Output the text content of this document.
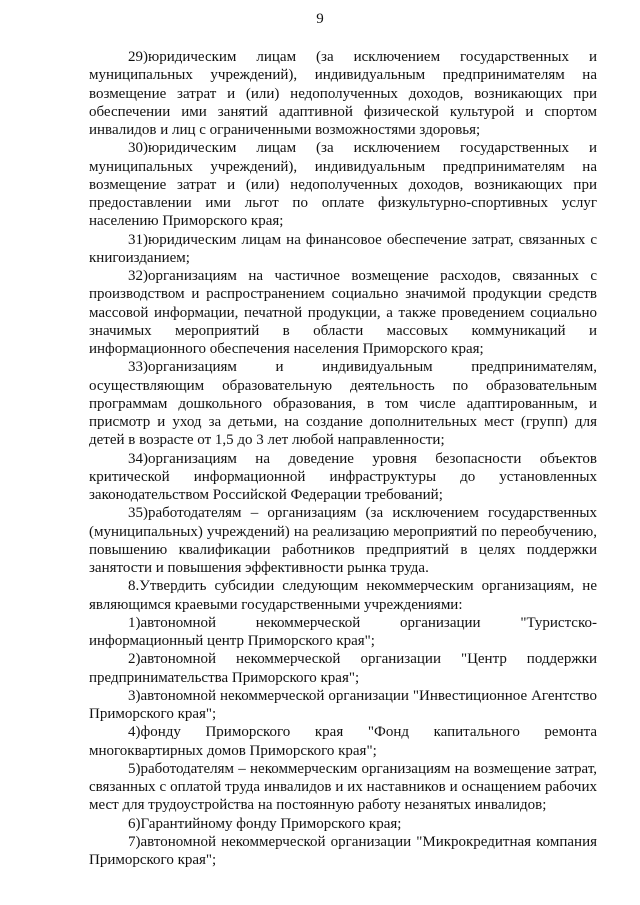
9

29)юридическим лицам (за исключением государственных и муниципальных учреждений), индивидуальным предпринимателям на возмещение затрат и (или) недополученных доходов, возникающих при обеспечении ими занятий адаптивной физической культурой и спортом инвалидов и лиц с ограниченными возможностями здоровья;

30)юридическим лицам (за исключением государственных и муниципальных учреждений), индивидуальным предпринимателям на возмещение затрат и (или) недополученных доходов, возникающих при предоставлении ими льгот по оплате физкультурно-спортивных услуг населению Приморского края;

31)юридическим лицам на финансовое обеспечение затрат, связанных с книгоизданием;

32)организациям на частичное возмещение расходов, связанных с производством и распространением социально значимой продукции средств массовой информации, печатной продукции, а также проведением социально значимых мероприятий в области массовых коммуникаций и информационного обеспечения населения Приморского края;

33)организациям и индивидуальным предпринимателям, осуществляющим образовательную деятельность по образовательным программам дошкольного образования, в том числе адаптированным, и присмотр и уход за детьми, на создание дополнительных мест (групп) для детей в возрасте от 1,5 до 3 лет любой направленности;

34)организациям на доведение уровня безопасности объектов критической информационной инфраструктуры до установленных законодательством Российской Федерации требований;

35)работодателям – организациям (за исключением государственных (муниципальных) учреждений) на реализацию мероприятий по переобучению, повышению квалификации работников предприятий в целях поддержки занятости и повышения эффективности рынка труда.

8.Утвердить субсидии следующим некоммерческим организациям, не являющимся краевыми государственными учреждениями:

1)автономной некоммерческой организации "Туристско-информационный центр Приморского края";

2)автономной некоммерческой организации "Центр поддержки предпринимательства Приморского края";

3)автономной некоммерческой организации "Инвестиционное Агентство Приморского края";

4)фонду Приморского края "Фонд капитального ремонта многоквартирных домов Приморского края";

5)работодателям – некоммерческим организациям на возмещение затрат, связанных с оплатой труда инвалидов и их наставников и оснащением рабочих мест для трудоустройства на постоянную работу незанятых инвалидов;

6)Гарантийному фонду Приморского края;

7)автономной некоммерческой организации "Микрокредитная компания Приморского края";
